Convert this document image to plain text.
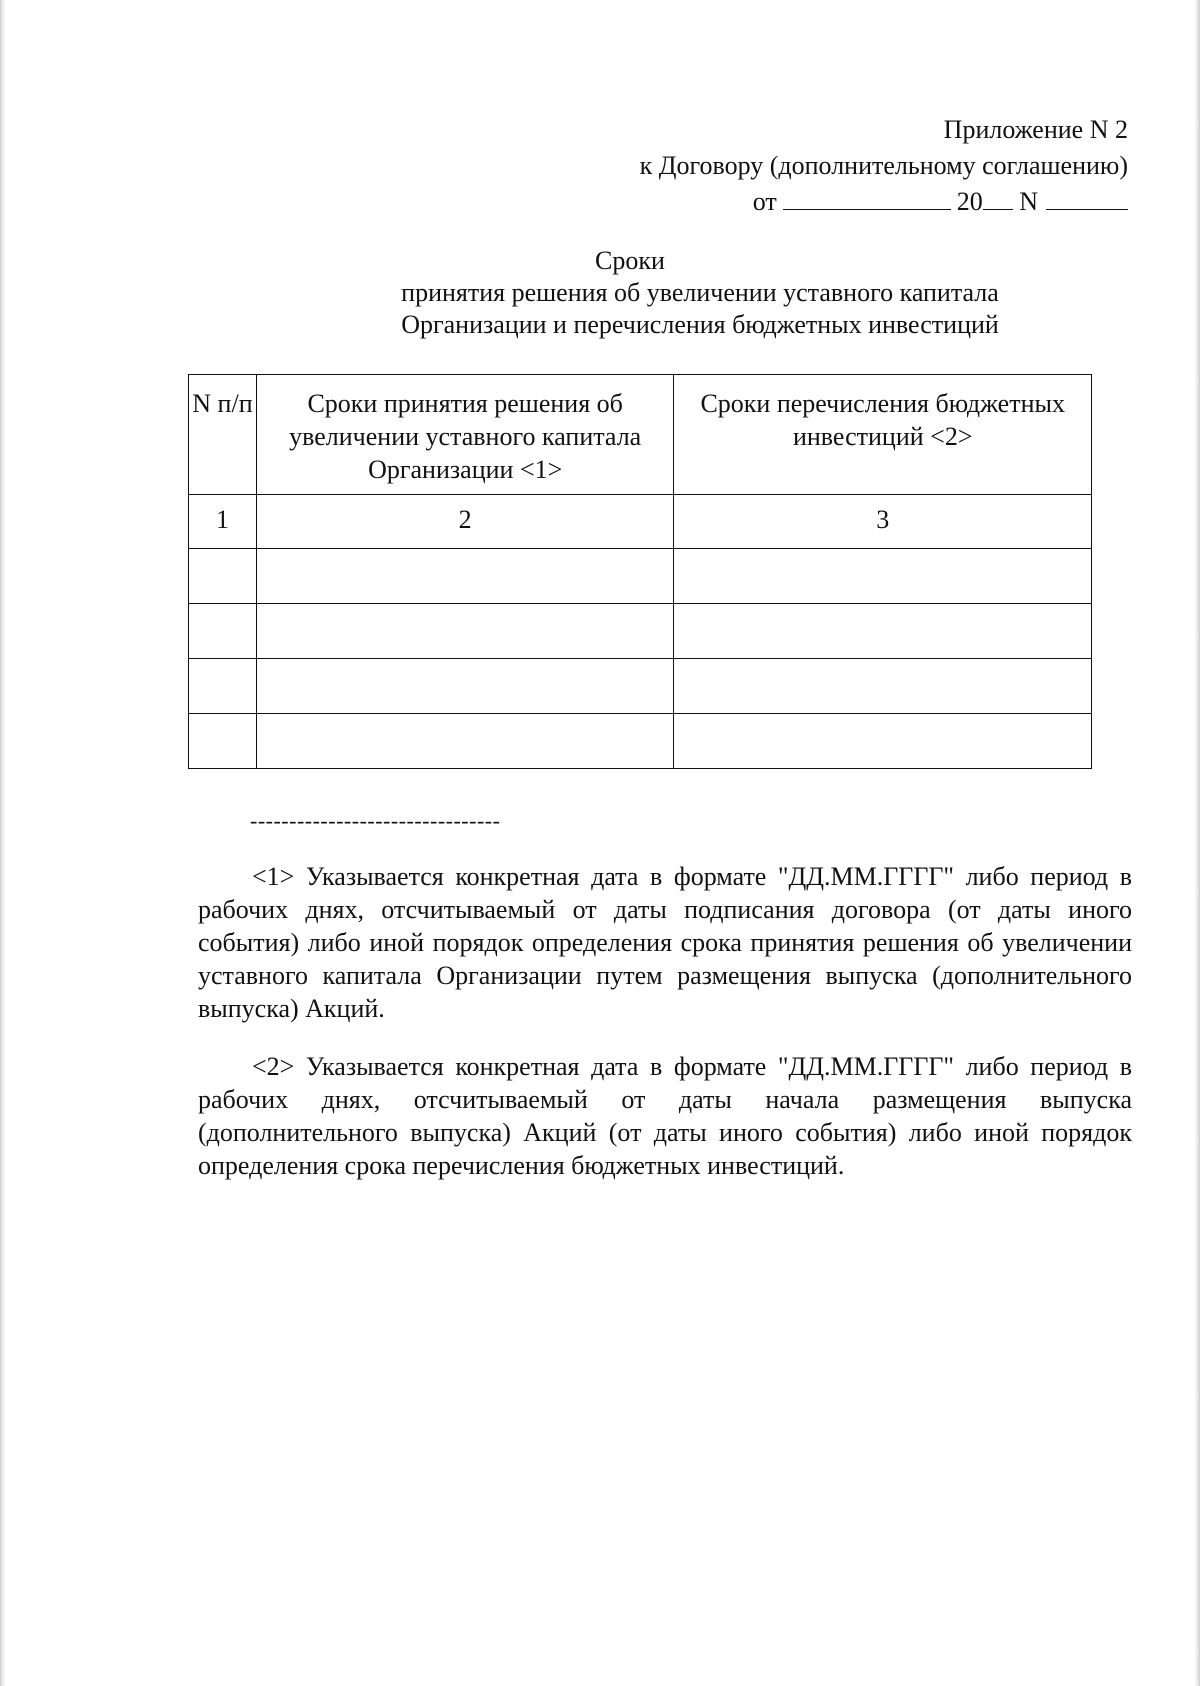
Приложение N 2
к Договору (дополнительному соглашению)
от	20 N
Сроки
принятия решения об увеличении уставного капитала
Организации и перечисления бюджетных инвестиций
N п/п	Сроки принятия решения об увеличении уставного капитала Организации <1>	Сроки перечисления бюджетных инвестиций <2>
1	2	3

--------------------------------
<1> Указывается конкретная дата в формате "ДД.ММ.ГГГГ" либо период в рабочих днях, отсчитываемый от даты подписания договора (от даты иного события) либо иной порядок определения срока принятия решения об увеличении уставного капитала Организации путем размещения выпуска (дополнительного выпуска) Акций.
<2> Указывается конкретная дата в формате "ДД.ММ.ГГГГ" либо период в рабочих днях, отсчитываемый от даты начала размещения выпуска (дополнительного выпуска) Акций (от даты иного события) либо иной порядок определения срока перечисления бюджетных инвестиций.
